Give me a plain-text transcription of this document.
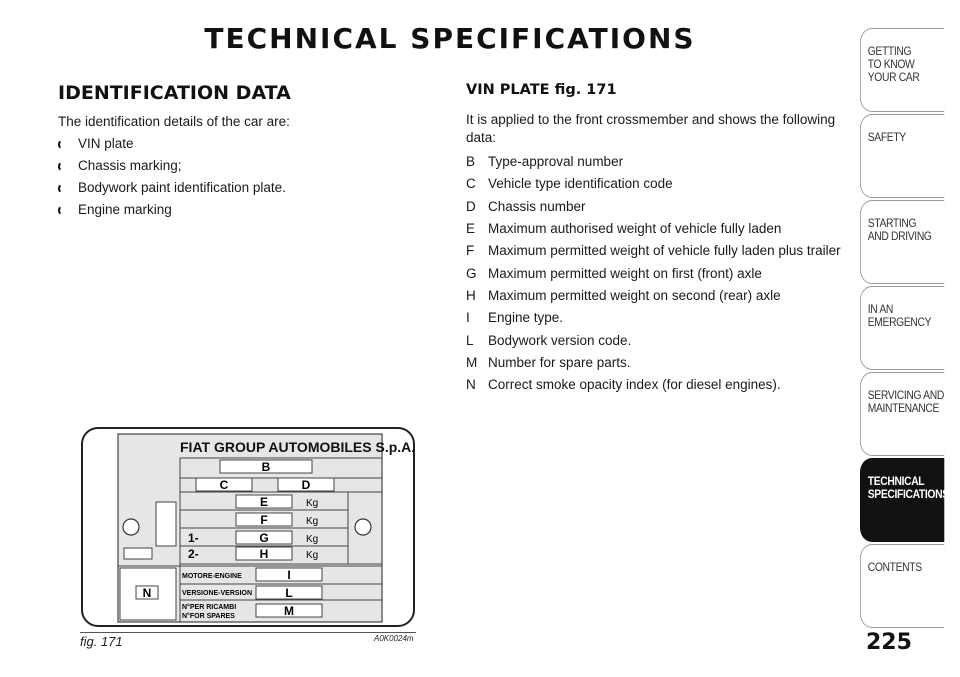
TECHNICAL SPECIFICATIONS
IDENTIFICATION DATA
The identification details of the car are:
VIN plate
Chassis marking;
Bodywork paint identification plate.
Engine marking
VIN PLATE fig. 171
It is applied to the front crossmember and shows the following data:
B Type-approval number
C Vehicle type identification code
D Chassis number
E Maximum authorised weight of vehicle fully laden
F	Maximum permitted weight of vehicle fully laden plus trailer
G Maximum permitted weight on first (front) axle
H Maximum permitted weight on second (rear) axle
I	Engine type.
L	Bodywork version code.
M Number for spare parts.
N Correct smoke opacity index (for diesel engines).
FIAT GROUP AUTOMOBILES S.p.A.
B
C	D
E	Kg
F	Kg
1-	G	Kg
2-	H	Kg
MOTORE-ENGINE	I
VERSIONE-VERSION	L
N°PER RICAMBI
N°FOR SPARES	M
N
fig. 171	A0K0024m
GETTING
TO KNOW
YOUR CAR
SAFETY
STARTING
AND DRIVING
IN AN
EMERGENCY
SERVICING AND
MAINTENANCE
TECHNICAL
SPECIFICATIONS
CONTENTS
225
